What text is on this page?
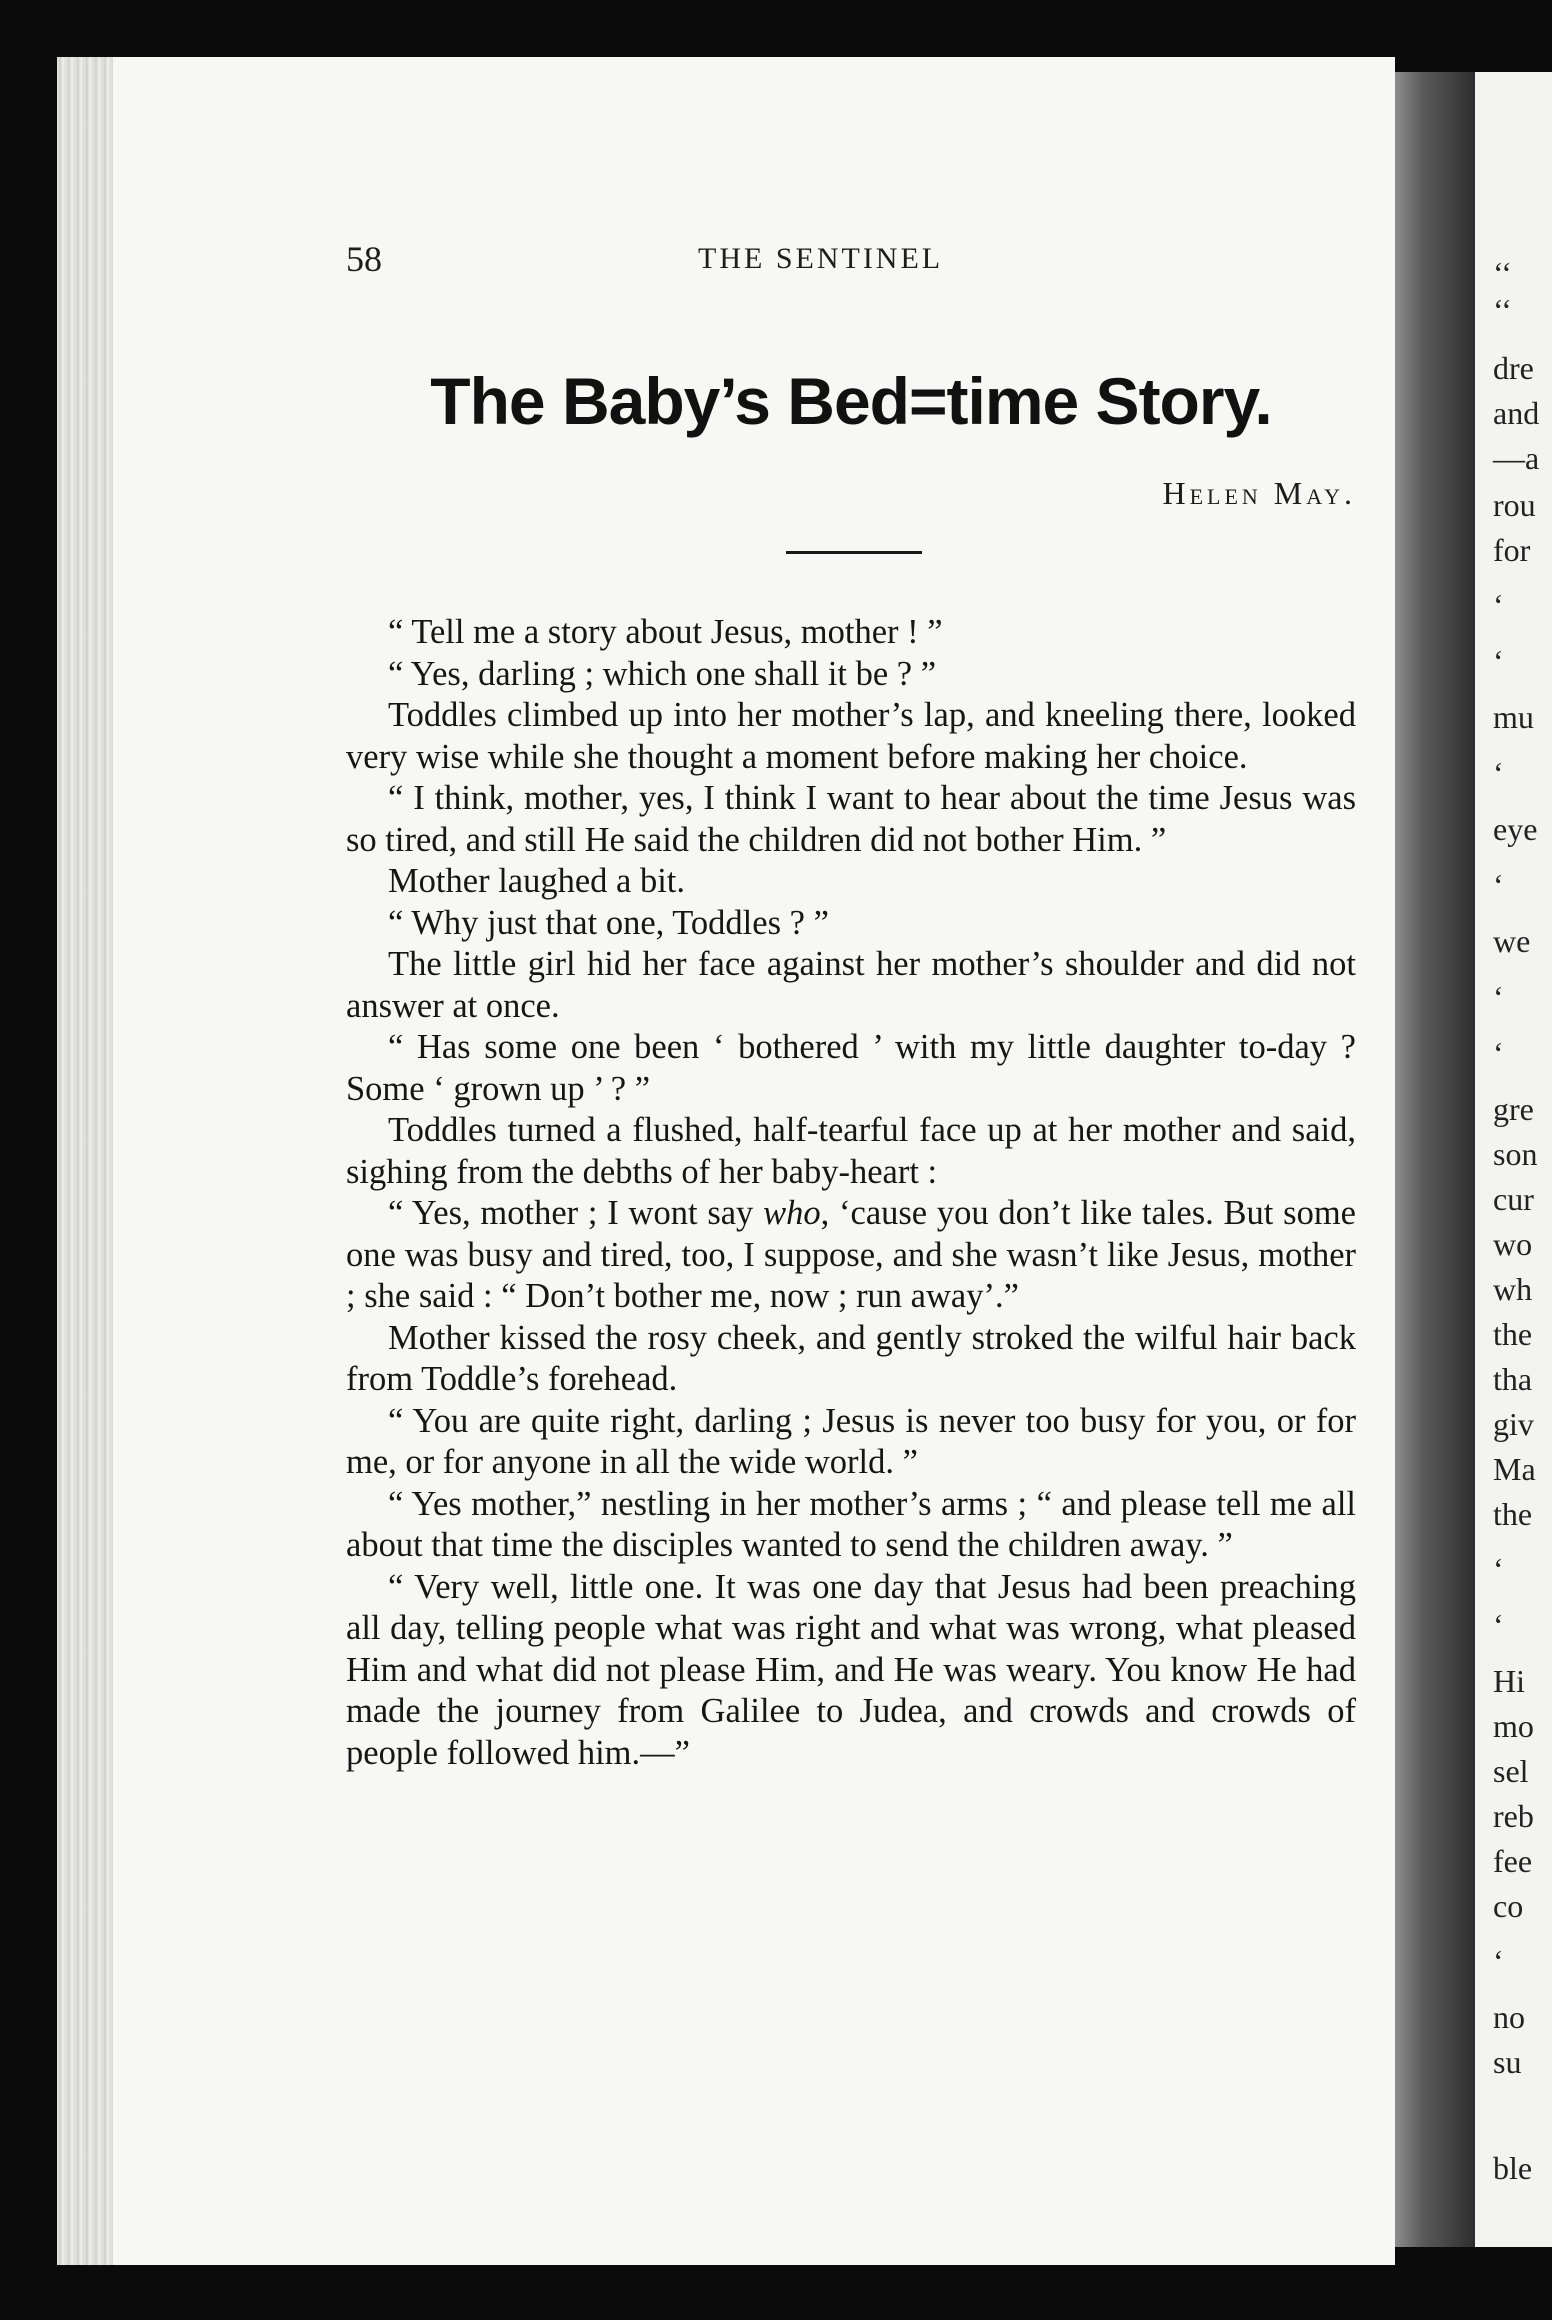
58	THE SENTINEL
The Baby’s Bed=time Story.
Helen May.

“ Tell me a story about Jesus, mother ! ”

“ Yes, darling ; which one shall it be ? ”

Toddles climbed up into her mother’s lap, and kneeling there, looked very wise while she thought a moment before making her choice.

“ I think, mother, yes, I think I want to hear about the time Jesus was so tired, and still He said the children did not bother Him. ”

Mother laughed a bit.

“ Why just that one, Toddles ? ”

The little girl hid her face against her mother’s shoulder and did not answer at once.

“ Has some one been ‘ bothered ’ with my little daughter to-day ? Some ‘ grown up ’ ? ”

Toddles turned a flushed, half-tearful face up at her mother and said, sighing from the debths of her baby-heart :

“ Yes, mother ; I wont say who, ‘cause you don’t like tales. But some one was busy and tired, too, I suppose, and she wasn’t like Jesus, mother ; she said : “ Don’t bother me, now ; run away’.”

Mother kissed the rosy cheek, and gently stroked the wilful hair back from Toddle’s forehead.

“ You are quite right, darling ; Jesus is never too busy for you, or for me, or for anyone in all the wide world. ”

“ Yes mother,” nestling in her mother’s arms ; “ and please tell me all about that time the disciples wanted to send the children away. ”

“ Very well, little one. It was one day that Jesus had been preaching all day, telling people what was right and what was wrong, what pleased Him and what did not please Him, and He was weary. You know He had made the journey from Galilee to Judea, and crowds and crowds of people followed him.—”

‘‘
‘‘
dre
and
—a
rou
for
‘
‘
mu
‘
eye
‘
we
‘
‘
gre
son
cur
wo
wh
the
tha
giv
Ma
the
‘
‘
Hi
mo
sel
reb
fee
co
‘
no
su
ble
